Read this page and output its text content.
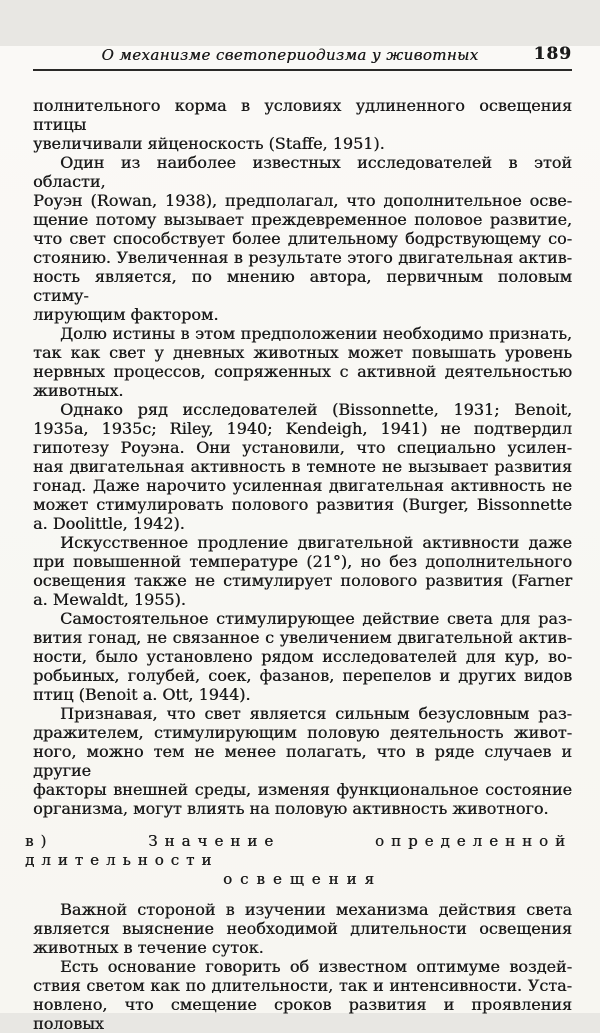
О механизме светопериодизма у животных	189
полнительного корма в условиях удлиненного освещения птицы
увеличивали яйценоскость (Staffe, 1951).
Один из наиболее известных исследователей в этой области,
Роуэн (Rowan, 1938), предполагал, что дополнительное осве-
щение потому вызывает преждевременное половое развитие,
что свет способствует более длительному бодрствующему со-
стоянию. Увеличенная в результате этого двигательная актив-
ность является, по мнению автора, первичным половым стиму-
лирующим фактором.
Долю истины в этом предположении необходимо признать,
так как свет у дневных животных может повышать уровень
нервных процессов, сопряженных с активной деятельностью
животных.
Однако ряд исследователей (Bissonnette, 1931; Benoit,
1935a, 1935c; Riley, 1940; Kendeigh, 1941) не подтвердил
гипотезу Роуэна. Они установили, что специально усилен-
ная двигательная активность в темноте не вызывает развития
гонад. Даже нарочито усиленная двигательная активность не
может стимулировать полового развития (Burger, Bissonnette
a. Doolittle, 1942).
Искусственное продление двигательной активности даже
при повышенной температуре (21°), но без дополнительного
освещения также не стимулирует полового развития (Farner
a. Mewaldt, 1955).
Самостоятельное стимулирующее действие света для раз-
вития гонад, не связанное с увеличением двигательной актив-
ности, было установлено рядом исследователей для кур, во-
робьиных, голубей, соек, фазанов, перепелов и других видов
птиц (Benoit a. Ott, 1944).
Признавая, что свет является сильным безусловным раз-
дражителем, стимулирующим половую деятельность живот-
ного, можно тем не менее полагать, что в ряде случаев и другие
факторы внешней среды, изменяя функциональное состояние
организма, могут влиять на половую активность животного.
в) Значение определенной длительности
освещения
Важной стороной в изучении механизма действия света
является выяснение необходимой длительности освещения
животных в течение суток.
Есть основание говорить об известном оптимуме воздей-
ствия светом как по длительности, так и интенсивности. Уста-
новлено, что смещение сроков развития и проявления половых
